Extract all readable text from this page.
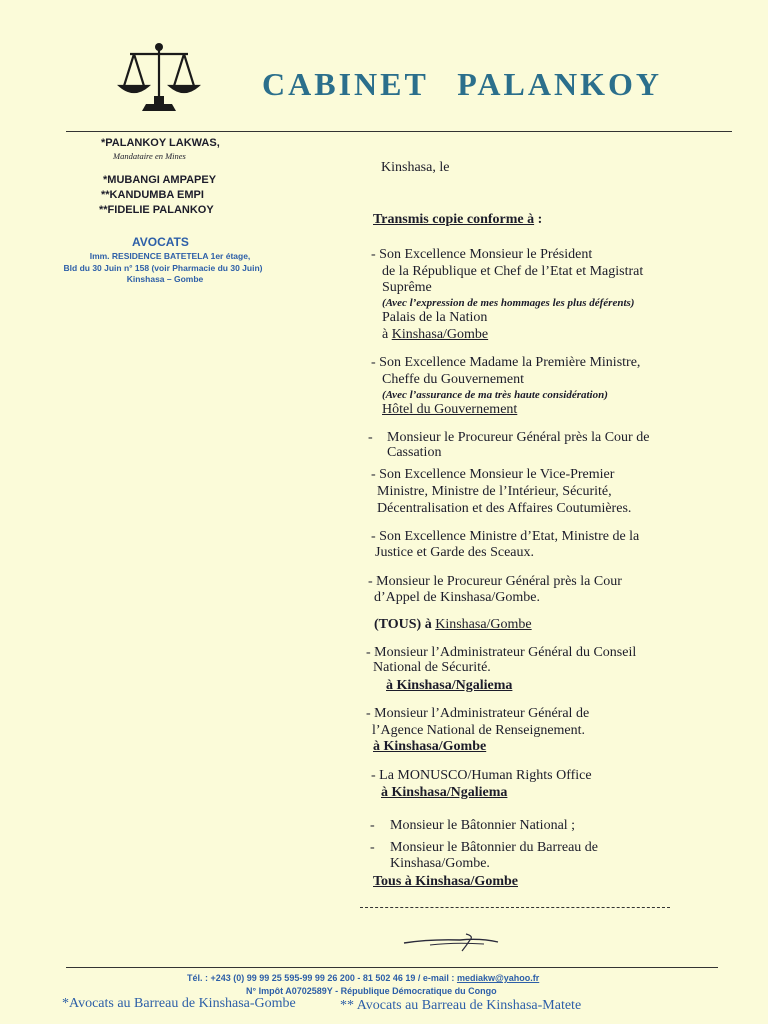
CABINET PALANKOY
*PALANKOY LAKWAS,
Mandataire en Mines
*MUBANGI AMPAPEY
**KANDUMBA EMPI
**FIDELIE PALANKOY
AVOCATS
Imm. RESIDENCE BATETELA 1er étage,
Bld du 30 Juin n° 158 (voir Pharmacie du 30 Juin)
Kinshasa – Gombe
Kinshasa, le
Transmis copie conforme à :
- Son Excellence Monsieur le Président
de la République et Chef de l’Etat et Magistrat
Suprême
(Avec l’expression de mes hommages les plus déférents)
Palais de la Nation
à Kinshasa/Gombe
- Son Excellence Madame la Première Ministre,
Cheffe du Gouvernement
(Avec l’assurance de ma très haute considération)
Hôtel du Gouvernement
- Monsieur le Procureur Général près la Cour de
Cassation
- Son Excellence Monsieur le Vice-Premier
Ministre, Ministre de l’Intérieur, Sécurité,
Décentralisation et des Affaires Coutumières.
- Son Excellence Ministre d’Etat, Ministre de la
Justice et Garde des Sceaux.
- Monsieur le Procureur Général près la Cour
d’Appel de Kinshasa/Gombe.
(TOUS) à Kinshasa/Gombe
- Monsieur l’Administrateur Général du Conseil
National de Sécurité.
à Kinshasa/Ngaliema
- Monsieur l’Administrateur Général de
l’Agence National de Renseignement.
à Kinshasa/Gombe
- La MONUSCO/Human Rights Office
à Kinshasa/Ngaliema
- Monsieur le Bâtonnier National ;
- Monsieur le Bâtonnier du Barreau de
Kinshasa/Gombe.
Tous à Kinshasa/Gombe
Tél. : +243 (0) 99 99 25 595-99 99 26 200 - 81 502 46 19 / e-mail : mediakw@yahoo.fr
N° Impôt A0702589Y - République Démocratique du Congo
*Avocats au Barreau de Kinshasa-Gombe	** Avocats au Barreau de Kinshasa-Matete
